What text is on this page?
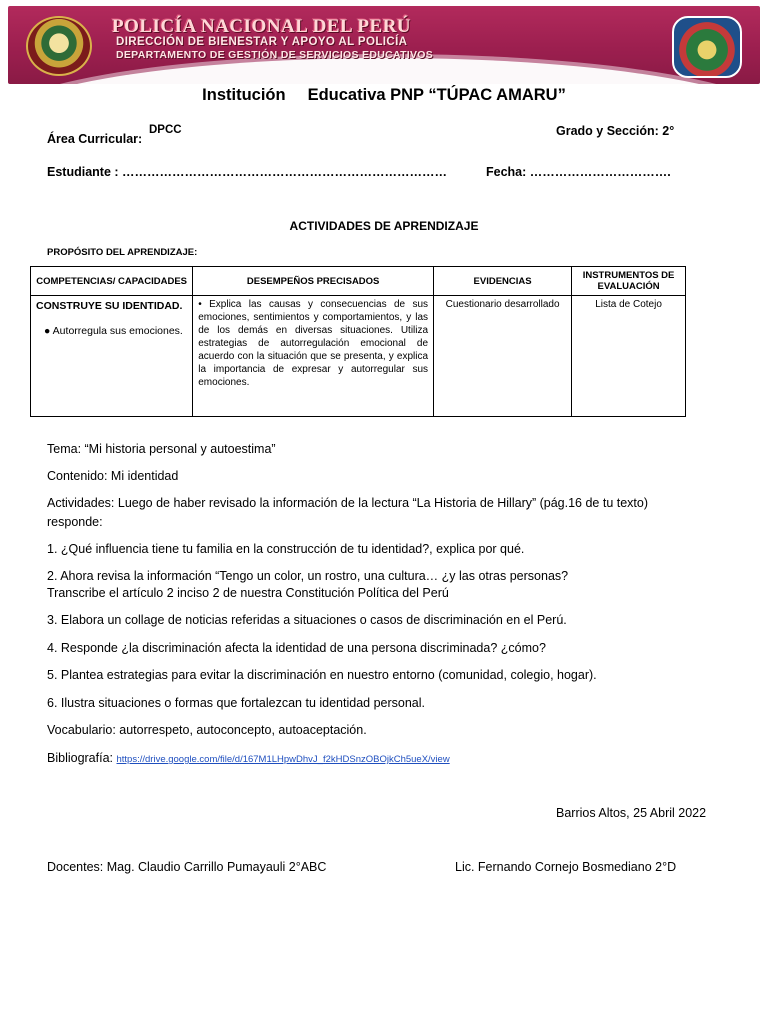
POLICÍA NACIONAL DEL PERÚ
DIRECCIÓN DE BIENESTAR Y APOYO AL POLICÍA
DEPARTAMENTO DE GESTIÓN DE SERVICIOS EDUCATIVOS
Institución Educativa PNP “TÚPAC AMARU”
Área Curricular:
DPCC	Grado y Sección: 2°
Estudiante : ……………………………………………………………………	Fecha: …………………………….
ACTIVIDADES DE APRENDIZAJE
PROPÓSITO DEL APRENDIZAJE:
COMPETENCIAS/ CAPACIDADES	DESEMPEÑOS PRECISADOS	EVIDENCIAS	INSTRUMENTOS DE EVALUACIÓN

CONSTRUYE SU IDENTIDAD.
● Autorregula sus emociones.	• Explica las causas y consecuencias de sus emociones, sentimientos y comportamientos, y las de los demás en diversas situaciones. Utiliza estrategias de autorregulación emocional de acuerdo con la situación que se presenta, y explica la importancia de expresar y autorregular sus emociones.	Cuestionario desarrollado	Lista de Cotejo
Tema: “Mi historia personal y autoestima”
Contenido: Mi identidad
Actividades: Luego de haber revisado la información de la lectura “La Historia de Hillary” (pág.16 de tu texto)
responde:
1. ¿Qué influencia tiene tu familia en la construcción de tu identidad?, explica por qué.
2. Ahora revisa la información “Tengo un color, un rostro, una cultura… ¿y las otras personas?
Transcribe el artículo 2 inciso 2 de nuestra Constitución Política del Perú
3. Elabora un collage de noticias referidas a situaciones o casos de discriminación en el Perú.
4. Responde ¿la discriminación afecta la identidad de una persona discriminada? ¿cómo?
5. Plantea estrategias para evitar la discriminación en nuestro entorno (comunidad, colegio, hogar).
6. Ilustra situaciones o formas que fortalezcan tu identidad personal.
Vocabulario: autorrespeto, autoconcepto, autoaceptación.
Bibliografía: https://drive.google.com/file/d/167M1LHpwDhvJ_f2kHDSnzOBOjkCh5ueX/view
Barrios Altos, 25 Abril 2022
Docentes: Mag. Claudio Carrillo Pumayauli 2°ABC	Lic. Fernando Cornejo Bosmediano 2°D
